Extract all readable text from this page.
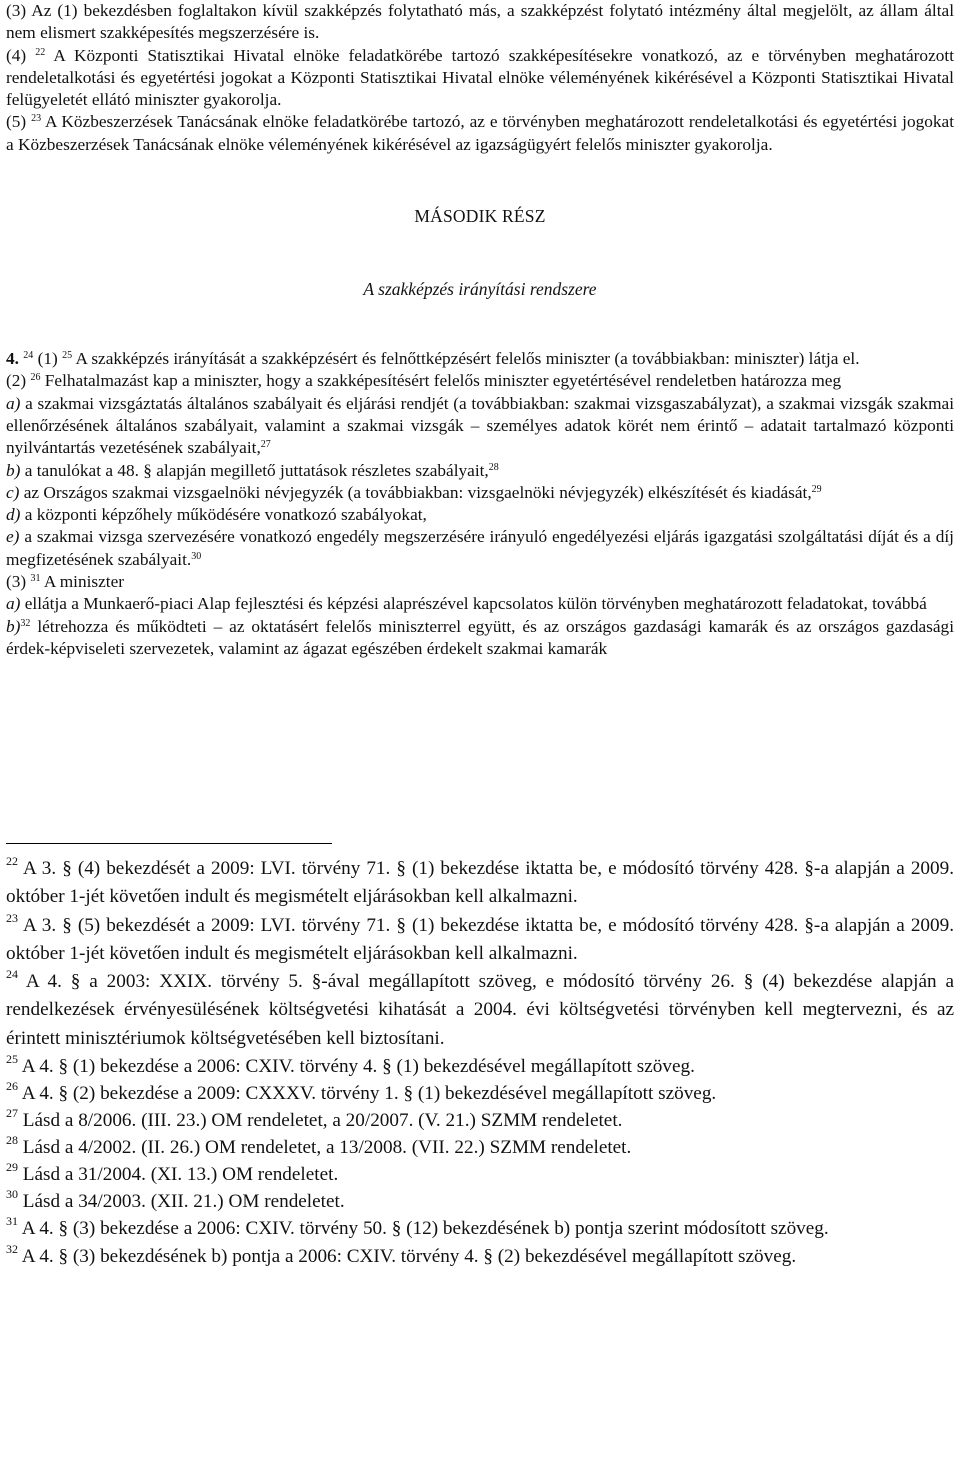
(3) Az (1) bekezdésben foglaltakon kívül szakképzés folytatható más, a szakképzést folytató intézmény által megjelölt, az állam által nem elismert szakképesítés megszerzésére is.

(4) $^{22}$ A Központi Statisztikai Hivatal elnöke feladatkörébe tartozó szakképesítésekre vonatkozó, az e törvényben meghatározott rendeletalkotási és egyetértési jogokat a Központi Statisztikai Hivatal elnöke véleményének kikérésével a Központi Statisztikai Hivatal felügyeletét ellátó miniszter gyakorolja.

(5) $^{23}$ A Közbeszerzések Tanácsának elnöke feladatkörébe tartozó, az e törvényben meghatározott rendeletalkotási és egyetértési jogokat a Közbeszerzések Tanácsának elnöke véleményének kikérésével az igazságügyért felelős miniszter gyakorolja.

MÁSODIK RÉSZ

A szakképzés irányítási rendszere

4. $^{24}$ (1) $^{25}$ A szakképzés irányítását a szakképzésért és felnőttképzésért felelős miniszter (a továbbiakban: miniszter) látja el.

(2) $^{26}$ Felhatalmazást kap a miniszter, hogy a szakképesítésért felelős miniszter egyetértésével rendeletben határozza meg

a) a szakmai vizsgáztatás általános szabályait és eljárási rendjét (a továbbiakban: szakmai vizsgaszabályzat), a szakmai vizsgák szakmai ellenőrzésének általános szabályait, valamint a szakmai vizsgák – személyes adatok körét nem érintő – adatait tartalmazó központi nyilvántartás vezetésének szabályait,$^{27}$

b) a tanulókat a 48. § alapján megillető juttatások részletes szabályait,$^{28}$

c) az Országos szakmai vizsgaelnöki névjegyzék (a továbbiakban: vizsgaelnöki névjegyzék) elkészítését és kiadását,$^{29}$

d) a központi képzőhely működésére vonatkozó szabályokat,

e) a szakmai vizsga szervezésére vonatkozó engedély megszerzésére irányuló engedélyezési eljárás igazgatási szolgáltatási díját és a díj megfizetésének szabályait.$^{30}$

(3) $^{31}$ A miniszter

a) ellátja a Munkaerő-piaci Alap fejlesztési és képzési alaprészével kapcsolatos külön törvényben meghatározott feladatokat, továbbá

b)$^{32}$ létrehozza és működteti – az oktatásért felelős miniszterrel együtt, és az országos gazdasági kamarák és az országos gazdasági érdek-képviseleti szervezetek, valamint az ágazat egészében érdekelt szakmai kamarák

$^{22}$ A 3. § (4) bekezdését a 2009: LVI. törvény 71. § (1) bekezdése iktatta be, e módosító törvény 428. §-a alapján a 2009. október 1-jét követően indult és megismételt eljárásokban kell alkalmazni.

$^{23}$ A 3. § (5) bekezdését a 2009: LVI. törvény 71. § (1) bekezdése iktatta be, e módosító törvény 428. §-a alapján a 2009. október 1-jét követően indult és megismételt eljárásokban kell alkalmazni.

$^{24}$ A 4. § a 2003: XXIX. törvény 5. §-ával megállapított szöveg, e módosító törvény 26. § (4) bekezdése alapján a rendelkezések érvényesülésének költségvetési kihatását a 2004. évi költségvetési törvényben kell megtervezni, és az érintett minisztériumok költségvetésében kell biztosítani.

$^{25}$ A 4. § (1) bekezdése a 2006: CXIV. törvény 4. § (1) bekezdésével megállapított szöveg.

$^{26}$ A 4. § (2) bekezdése a 2009: CXXXV. törvény 1. § (1) bekezdésével megállapított szöveg.

$^{27}$ Lásd a 8/2006. (III. 23.) OM rendeletet, a 20/2007. (V. 21.) SZMM rendeletet.

$^{28}$ Lásd a 4/2002. (II. 26.) OM rendeletet, a 13/2008. (VII. 22.) SZMM rendeletet.

$^{29}$ Lásd a 31/2004. (XI. 13.) OM rendeletet.

$^{30}$ Lásd a 34/2003. (XII. 21.) OM rendeletet.

$^{31}$ A 4. § (3) bekezdése a 2006: CXIV. törvény 50. § (12) bekezdésének b) pontja szerint módosított szöveg.

$^{32}$ A 4. § (3) bekezdésének b) pontja a 2006: CXIV. törvény 4. § (2) bekezdésével megállapított szöveg.
